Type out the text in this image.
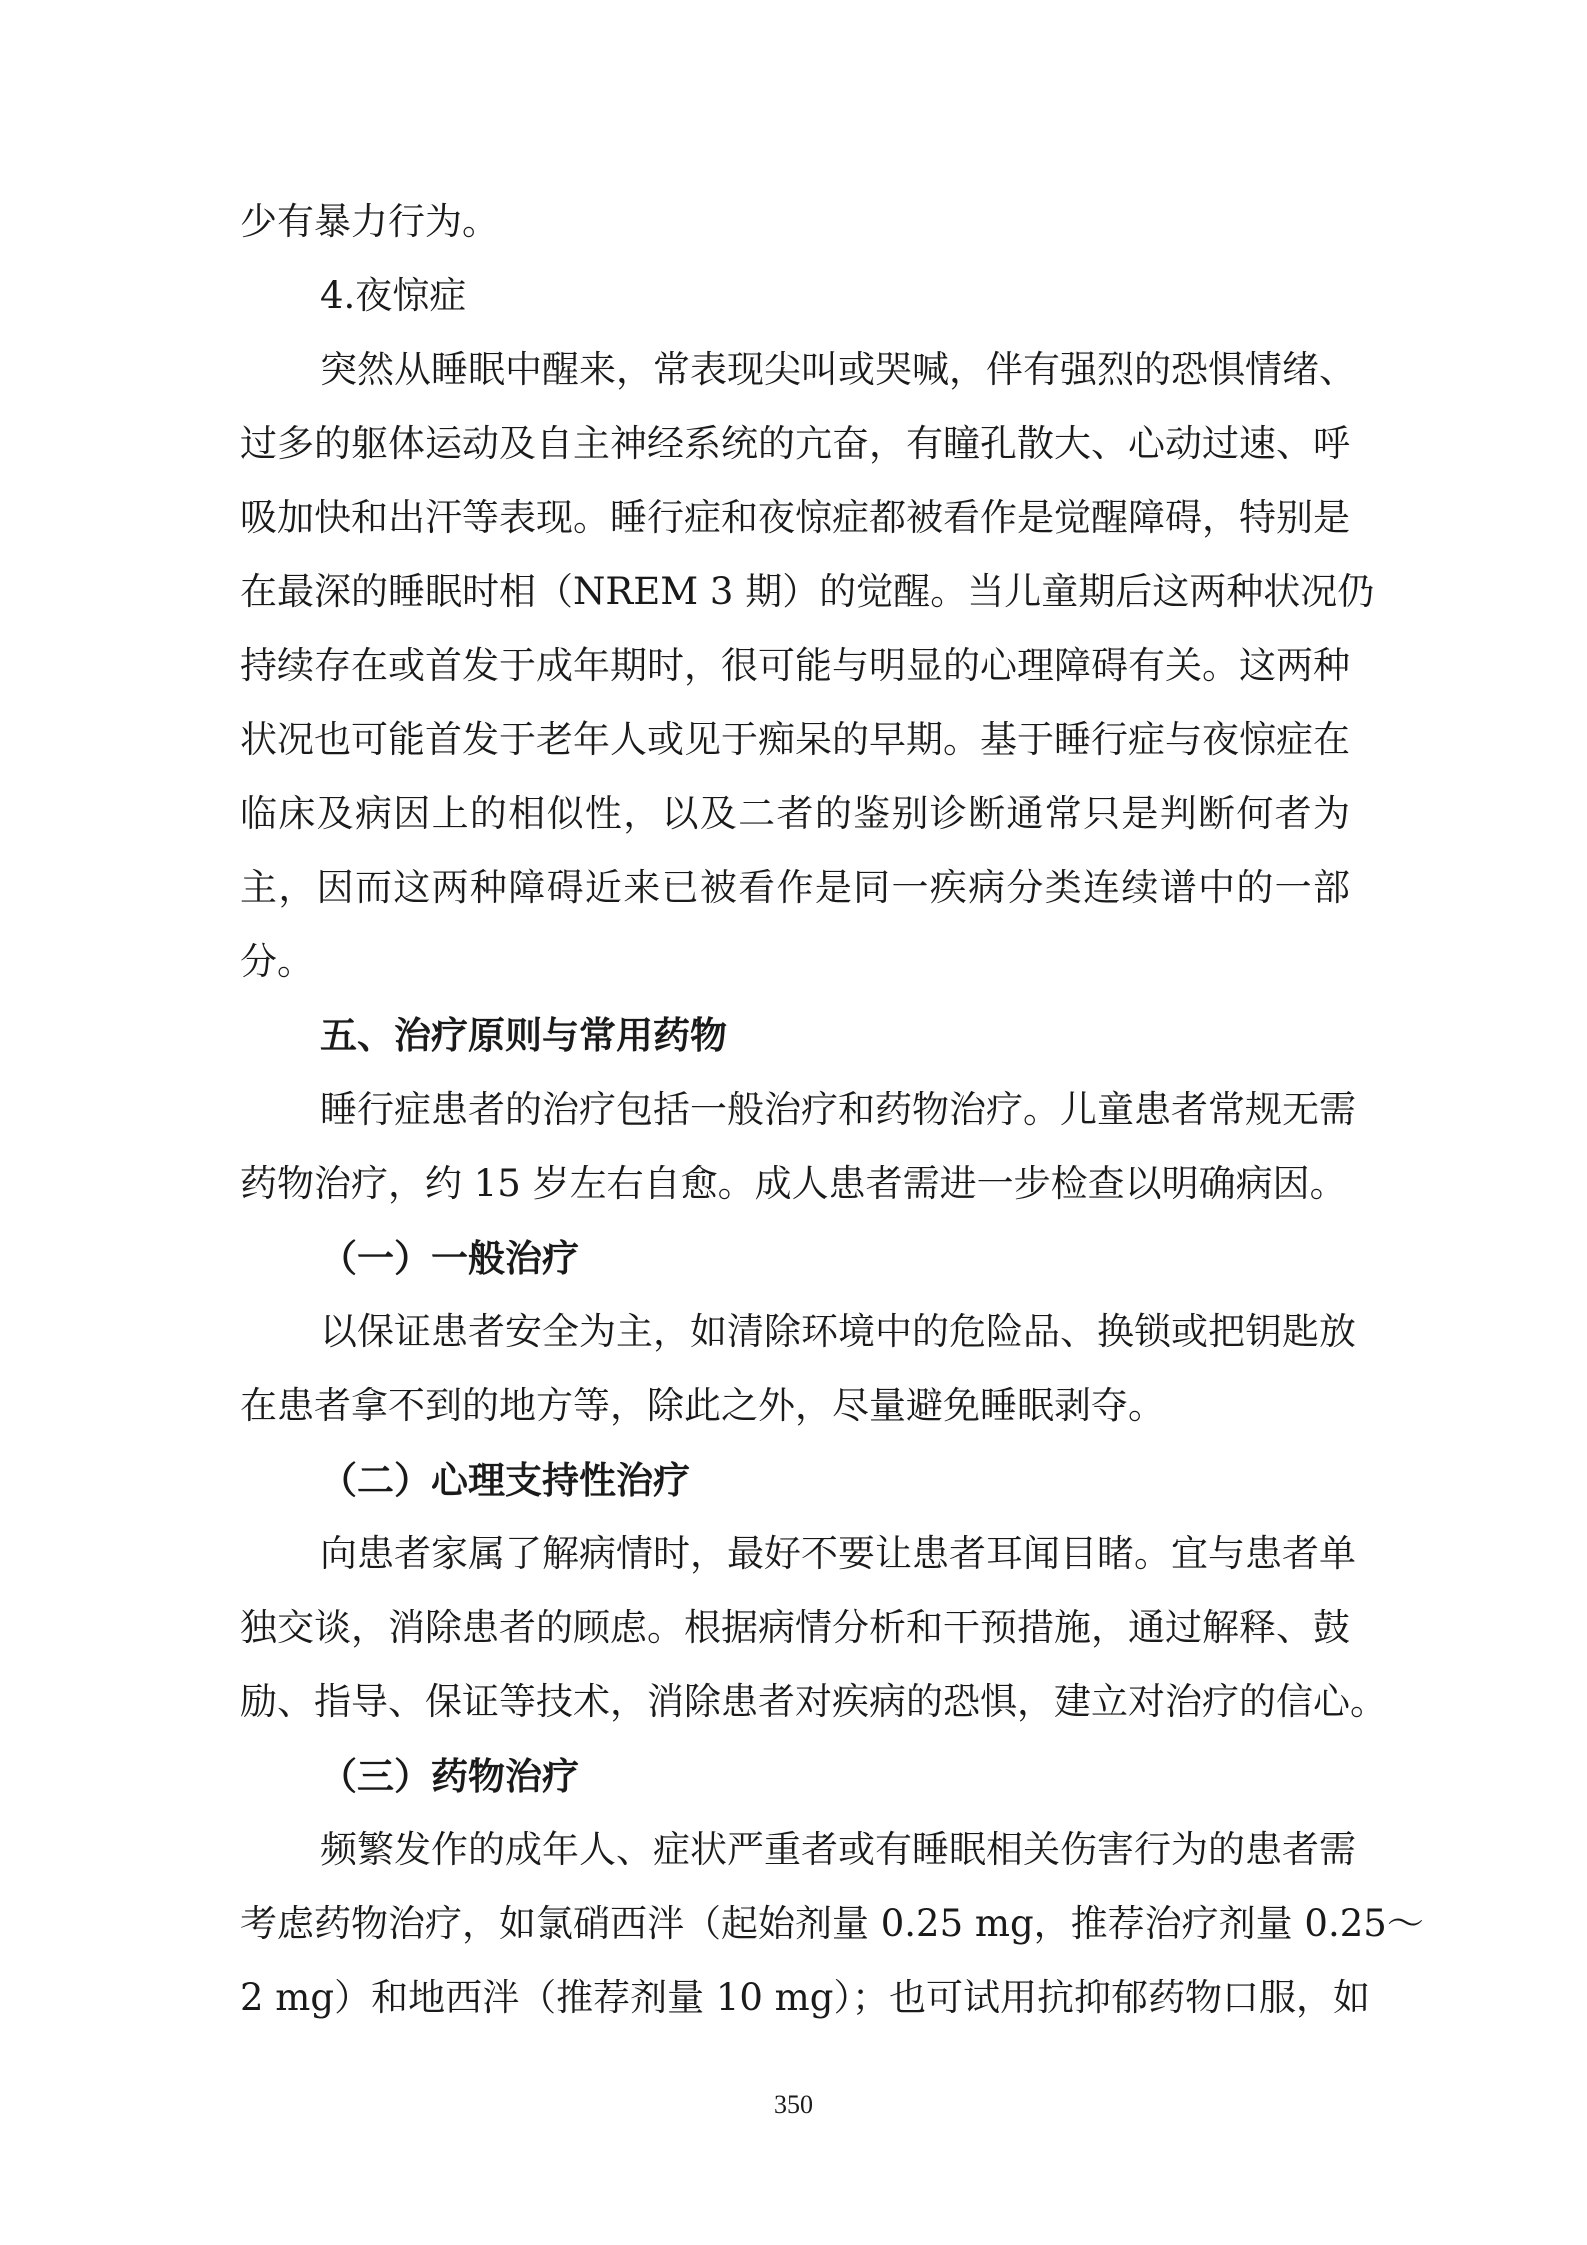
少有暴力行为。
4.夜惊症
突然从睡眠中醒来，常表现尖叫或哭喊，伴有强烈的恐惧情绪、
过多的躯体运动及自主神经系统的亢奋，有瞳孔散大、心动过速、呼
吸加快和出汗等表现。睡行症和夜惊症都被看作是觉醒障碍，特别是
在最深的睡眠时相（NREM 3 期）的觉醒。当儿童期后这两种状况仍
持续存在或首发于成年期时，很可能与明显的心理障碍有关。这两种
状况也可能首发于老年人或见于痴呆的早期。基于睡行症与夜惊症在
临床及病因上的相似性，以及二者的鉴别诊断通常只是判断何者为
主，因而这两种障碍近来已被看作是同一疾病分类连续谱中的一部
分。
五、治疗原则与常用药物
睡行症患者的治疗包括一般治疗和药物治疗。儿童患者常规无需
药物治疗，约 15 岁左右自愈。成人患者需进一步检查以明确病因。
（一）一般治疗
以保证患者安全为主，如清除环境中的危险品、换锁或把钥匙放
在患者拿不到的地方等，除此之外，尽量避免睡眠剥夺。
（二）心理支持性治疗
向患者家属了解病情时，最好不要让患者耳闻目睹。宜与患者单
独交谈，消除患者的顾虑。根据病情分析和干预措施，通过解释、鼓
励、指导、保证等技术，消除患者对疾病的恐惧，建立对治疗的信心。
（三）药物治疗
频繁发作的成年人、症状严重者或有睡眠相关伤害行为的患者需
考虑药物治疗，如氯硝西泮（起始剂量 0.25 mg，推荐治疗剂量 0.25～
2 mg）和地西泮（推荐剂量 10 mg）；也可试用抗抑郁药物口服，如
350
